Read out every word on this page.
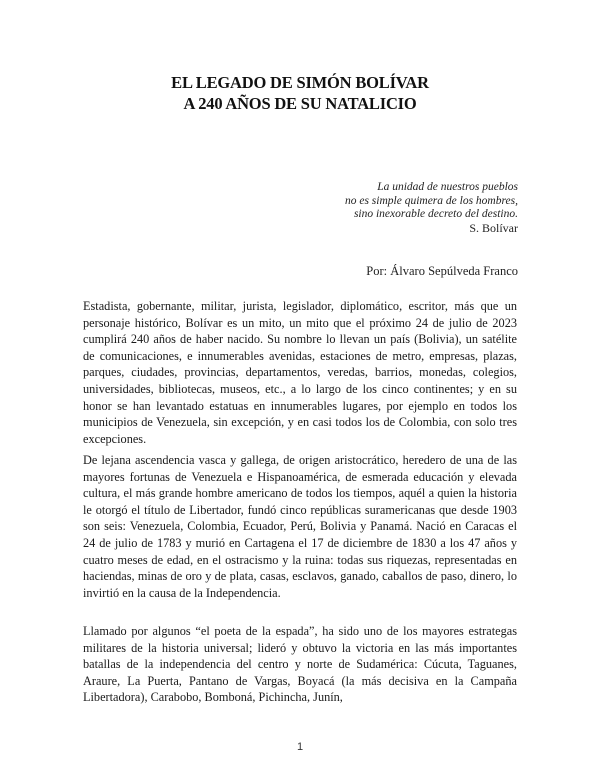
EL LEGADO DE SIMÓN BOLÍVAR
A 240 AÑOS DE SU NATALICIO
La unidad de nuestros pueblos
no es simple quimera de los hombres,
sino inexorable decreto del destino.
S. Bolívar
Por: Álvaro Sepúlveda Franco

Estadista, gobernante, militar, jurista, legislador, diplomático, escritor, más que un personaje histórico, Bolívar es un mito, un mito que el próximo 24 de julio de 2023 cumplirá 240 años de haber nacido. Su nombre lo llevan un país (Bolivia), un satélite de comunicaciones, e innumerables avenidas, estaciones de metro, empresas, plazas, parques, ciudades, provincias, departamentos, veredas, barrios, monedas, colegios, universidades, bibliotecas, museos, etc., a lo largo de los cinco continentes; y en su honor se han levantado estatuas en innumerables lugares, por ejemplo en todos los municipios de Venezuela, sin excepción, y en casi todos los de Colombia, con solo tres excepciones.

De lejana ascendencia vasca y gallega, de origen aristocrático, heredero de una de las mayores fortunas de Venezuela e Hispanoamérica, de esmerada educación y elevada cultura, el más grande hombre americano de todos los tiempos, aquél a quien la historia le otorgó el título de Libertador, fundó cinco repúblicas suramericanas que desde 1903 son seis: Venezuela, Colombia, Ecuador, Perú, Bolivia y Panamá. Nació en Caracas el 24 de julio de 1783 y murió en Cartagena el 17 de diciembre de 1830 a los 47 años y cuatro meses de edad, en el ostracismo y la ruina: todas sus riquezas, representadas en haciendas, minas de oro y de plata, casas, esclavos, ganado, caballos de paso, dinero, lo invirtió en la causa de la Independencia.

Llamado por algunos “el poeta de la espada”, ha sido uno de los mayores estrategas militares de la historia universal; lideró y obtuvo la victoria en las más importantes batallas de la independencia del centro y norte de Sudamérica: Cúcuta, Taguanes, Araure, La Puerta, Pantano de Vargas, Boyacá (la más decisiva en la Campaña Libertadora), Carabobo, Bomboná, Pichincha, Junín,

1
